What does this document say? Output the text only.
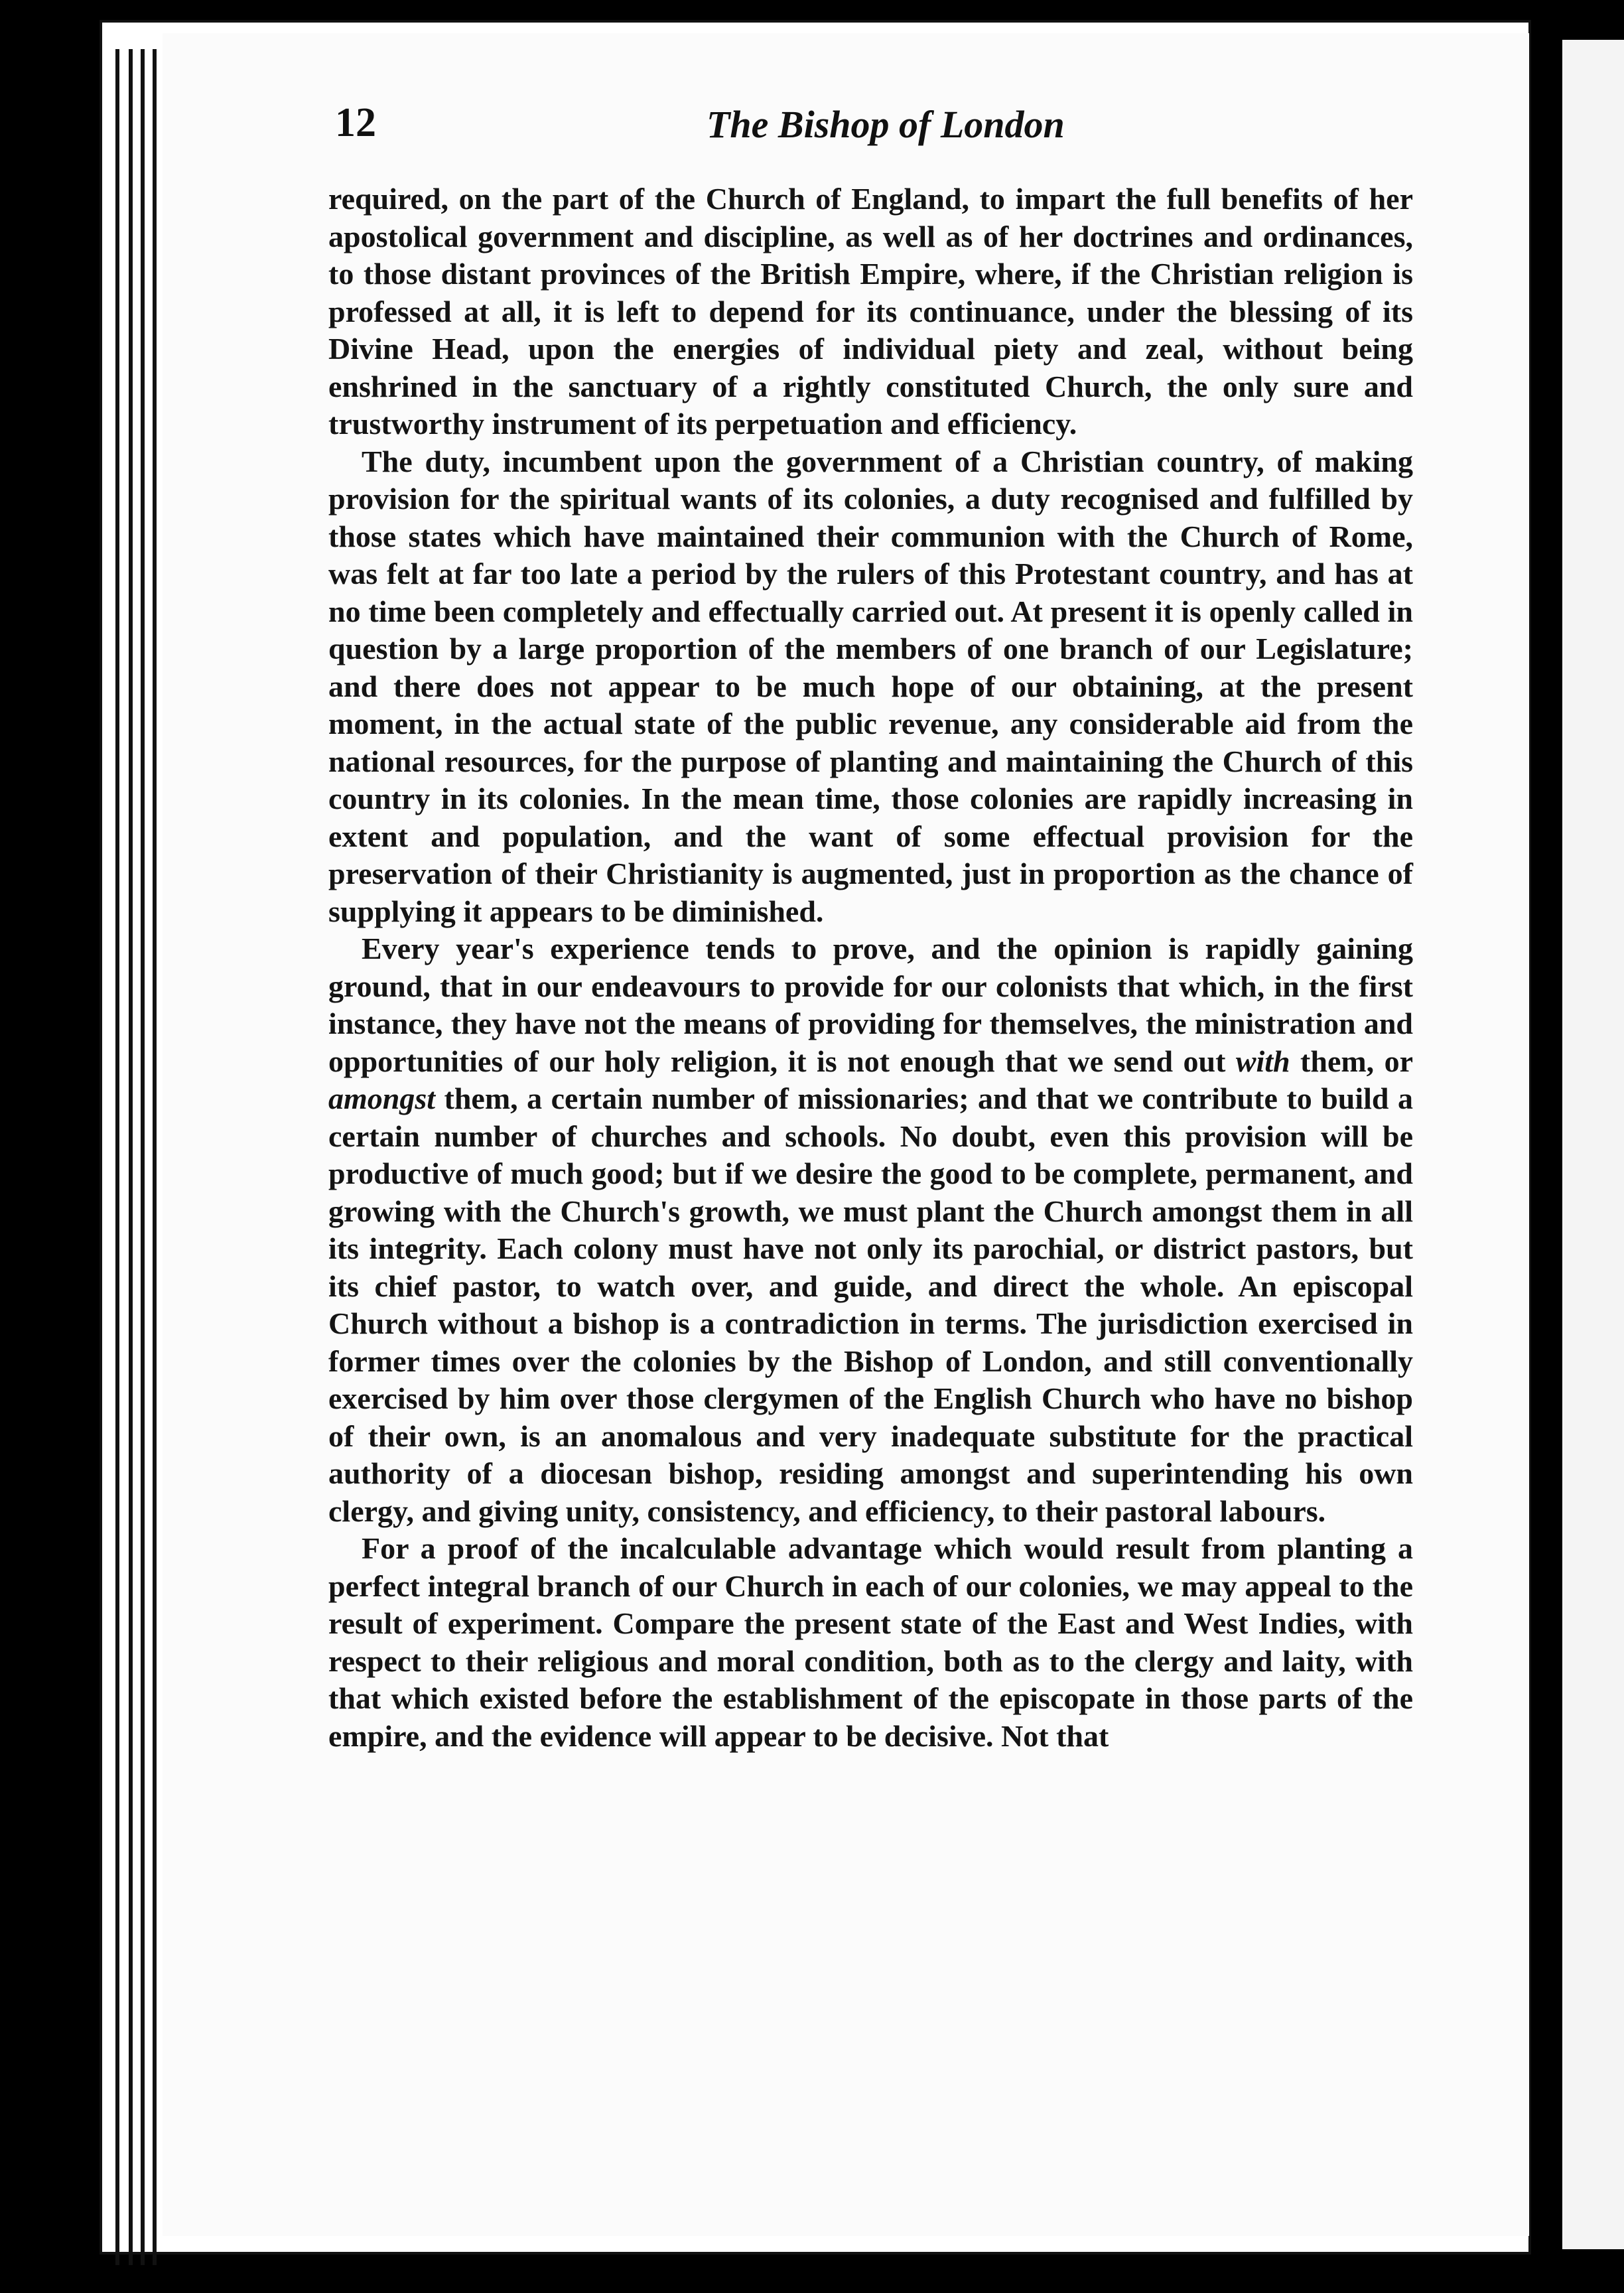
12	The Bishop of London

required, on the part of the Church of England, to impart the full benefits of her apostolical government and discipline, as well as of her doctrines and ordinances, to those distant provinces of the British Empire, where, if the Christian religion is professed at all, it is left to depend for its continuance, under the blessing of its Divine Head, upon the energies of individual piety and zeal, without being enshrined in the sanctuary of a rightly constituted Church, the only sure and trustworthy instrument of its perpetuation and efficiency.

The duty, incumbent upon the government of a Christian country, of making provision for the spiritual wants of its colonies, a duty recognised and fulfilled by those states which have maintained their communion with the Church of Rome, was felt at far too late a period by the rulers of this Protestant country, and has at no time been completely and effectually carried out. At present it is openly called in question by a large proportion of the members of one branch of our Legislature; and there does not appear to be much hope of our obtaining, at the present moment, in the actual state of the public revenue, any considerable aid from the national resources, for the purpose of planting and maintaining the Church of this country in its colonies. In the mean time, those colonies are rapidly increasing in extent and population, and the want of some effectual provision for the preservation of their Christianity is augmented, just in proportion as the chance of supplying it appears to be diminished.

Every year's experience tends to prove, and the opinion is rapidly gaining ground, that in our endeavours to provide for our colonists that which, in the first instance, they have not the means of providing for themselves, the ministration and opportunities of our holy religion, it is not enough that we send out with them, or amongst them, a certain number of missionaries; and that we contribute to build a certain number of churches and schools. No doubt, even this provision will be productive of much good; but if we desire the good to be complete, permanent, and growing with the Church's growth, we must plant the Church amongst them in all its integrity. Each colony must have not only its parochial, or district pastors, but its chief pastor, to watch over, and guide, and direct the whole. An episcopal Church without a bishop is a contradiction in terms. The jurisdiction exercised in former times over the colonies by the Bishop of London, and still conventionally exercised by him over those clergymen of the English Church who have no bishop of their own, is an anomalous and very inadequate substitute for the practical authority of a diocesan bishop, residing amongst and superintending his own clergy, and giving unity, consistency, and efficiency, to their pastoral labours.

For a proof of the incalculable advantage which would result from planting a perfect integral branch of our Church in each of our colonies, we may appeal to the result of experiment. Compare the present state of the East and West Indies, with respect to their religious and moral condition, both as to the clergy and laity, with that which existed before the establishment of the episcopate in those parts of the empire, and the evidence will appear to be decisive. Not that
